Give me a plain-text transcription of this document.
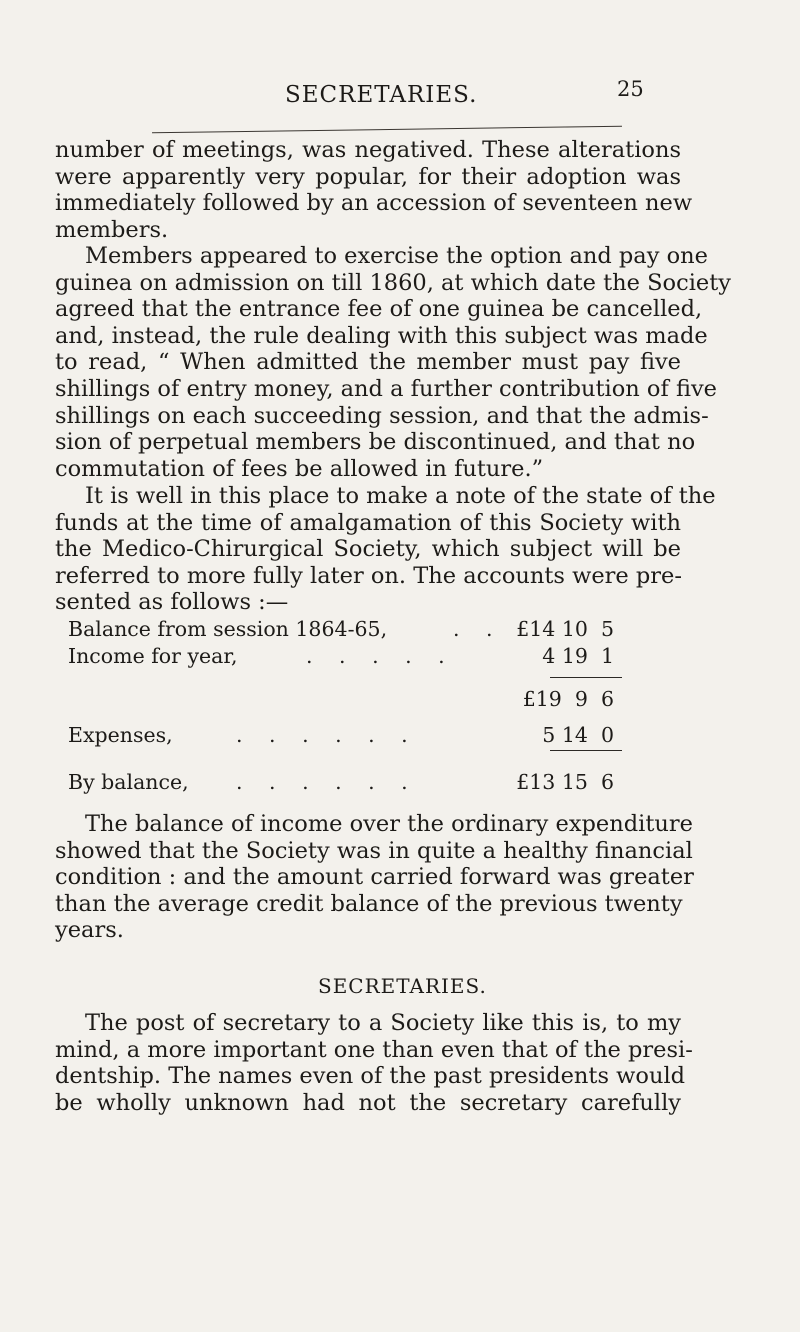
SECRETARIES.	25
number of meetings, was negatived. These alterations
were apparently very popular, for their adoption was
immediately followed by an accession of seventeen new
members.
Members appeared to exercise the option and pay one
guinea on admission on till 1860, at which date the Society
agreed that the entrance fee of one guinea be cancelled,
and, instead, the rule dealing with this subject was made
to read, “ When admitted the member must pay five
shillings of entry money, and a further contribution of five
shillings on each succeeding session, and that the admis-
sion of perpetual members be discontinued, and that no
commutation of fees be allowed in future.”
It is well in this place to make a note of the state of the
funds at the time of amalgamation of this Society with
the Medico-Chirurgical Society, which subject will be
referred to more fully later on. The accounts were pre-
sented as follows :—
Balance from session 1864-65,	. . £14 10  5
Income for year,	. . . . .	4 19  1
£19  9  6
Expenses,	. . . . . .	5 14  0
By balance, . . . . . .	£13 15  6
The balance of income over the ordinary expenditure
showed that the Society was in quite a healthy financial
condition : and the amount carried forward was greater
than the average credit balance of the previous twenty
years.
SECRETARIES.
The post of secretary to a Society like this is, to my
mind, a more important one than even that of the presi-
dentship. The names even of the past presidents would
be wholly unknown had not the secretary carefully
